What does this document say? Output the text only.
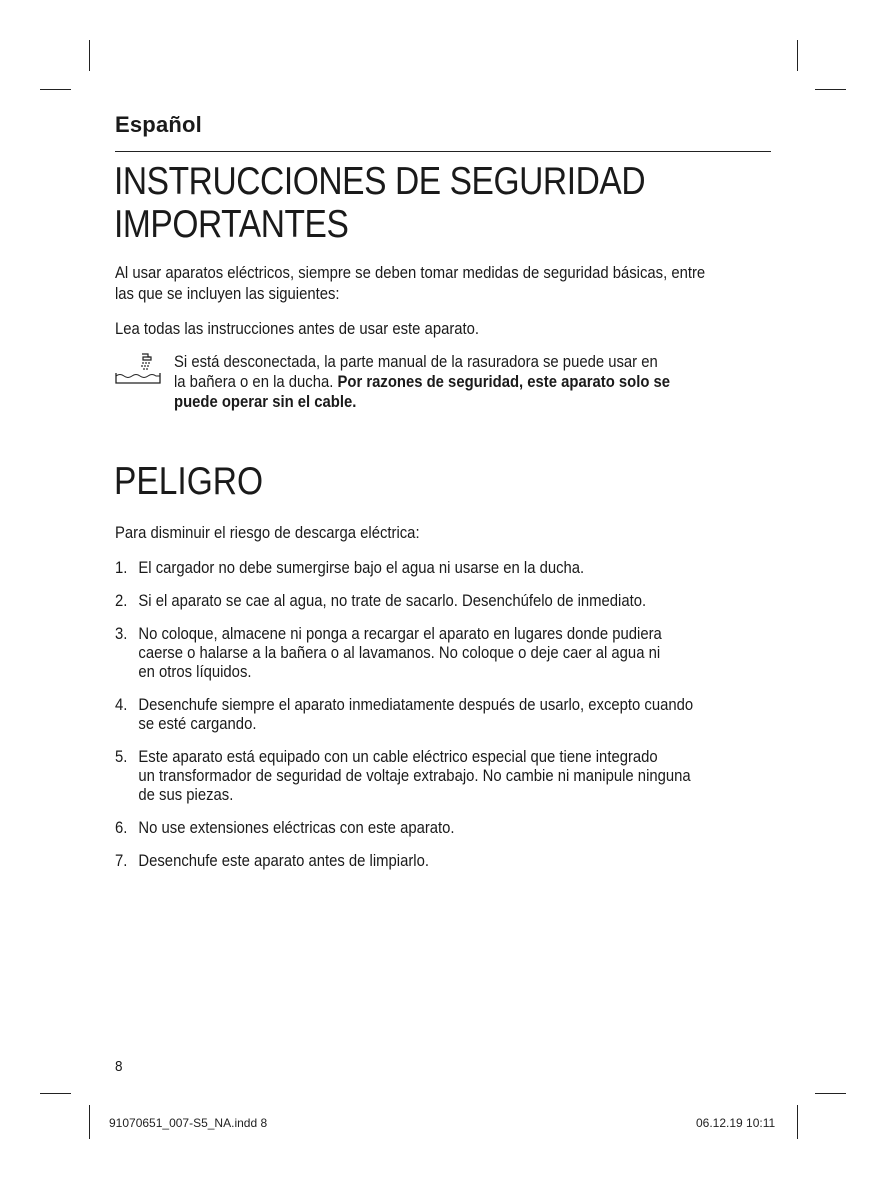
Español
INSTRUCCIONES DE SEGURIDAD
IMPORTANTES
Al usar aparatos eléctricos, siempre se deben tomar medidas de seguridad básicas, entre
las que se incluyen las siguientes:
Lea todas las instrucciones antes de usar este aparato.
Si está desconectada, la parte manual de la rasuradora se puede usar en
la bañera o en la ducha. Por razones de seguridad, este aparato solo se
puede operar sin el cable.
PELIGRO
Para disminuir el riesgo de descarga eléctrica:
1. El cargador no debe sumergirse bajo el agua ni usarse en la ducha.
2. Si el aparato se cae al agua, no trate de sacarlo. Desenchúfelo de inmediato.
3. No coloque, almacene ni ponga a recargar el aparato en lugares donde pudiera
caerse o halarse a la bañera o al lavamanos. No coloque o deje caer al agua ni
en otros líquidos.
4. Desenchufe siempre el aparato inmediatamente después de usarlo, excepto cuando
se esté cargando.
5. Este aparato está equipado con un cable eléctrico especial que tiene integrado
un transformador de seguridad de voltaje extrabajo. No cambie ni manipule ninguna
de sus piezas.
6. No use extensiones eléctricas con este aparato.
7. Desenchufe este aparato antes de limpiarlo.
8
91070651_007-S5_NA.indd 8	06.12.19 10:11
